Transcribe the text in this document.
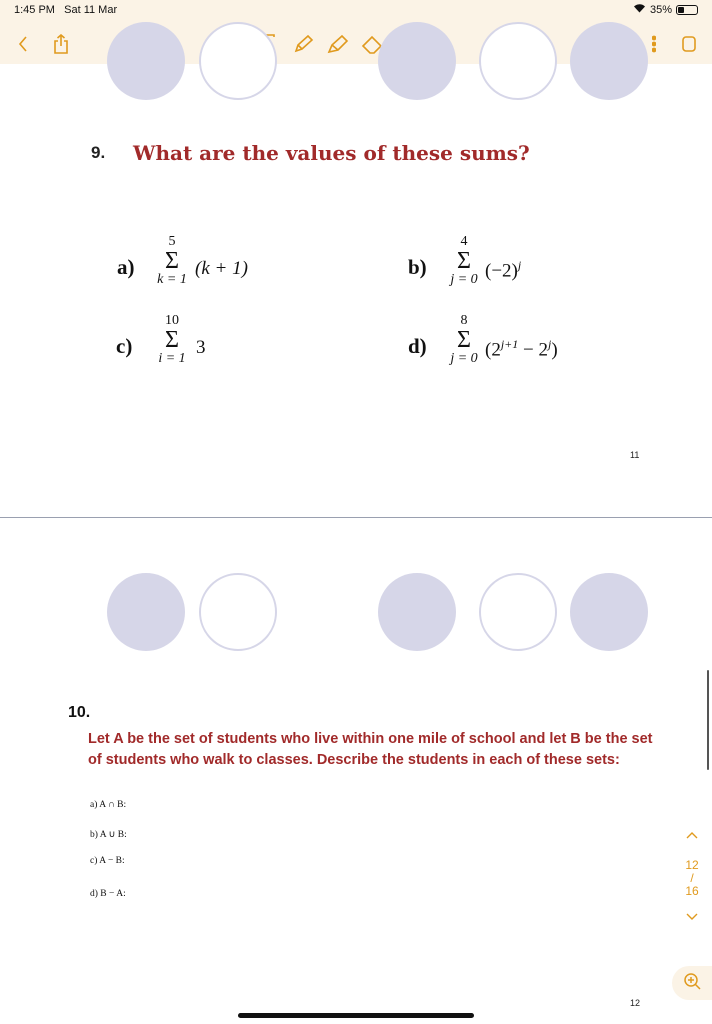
1:45 PM Sat 11 Mar	35%
9. What are the values of these sums?
a)
5
Σ
k = 1
(k + 1)	b)
4
Σ
j = 0 $(-2)^j$
c)
10
Σ
i = 1
3	d)
8
Σ
j = 0 $(2^{j+1} - 2^j)$
11
10.
Let A be the set of students who live within one mile of school and let B be the set of students who walk to classes. Describe the students in each of these sets:
a) A ∩ B:
b) A ∪ B:
c) A − B:
d) B − A:
12
12
/
16
